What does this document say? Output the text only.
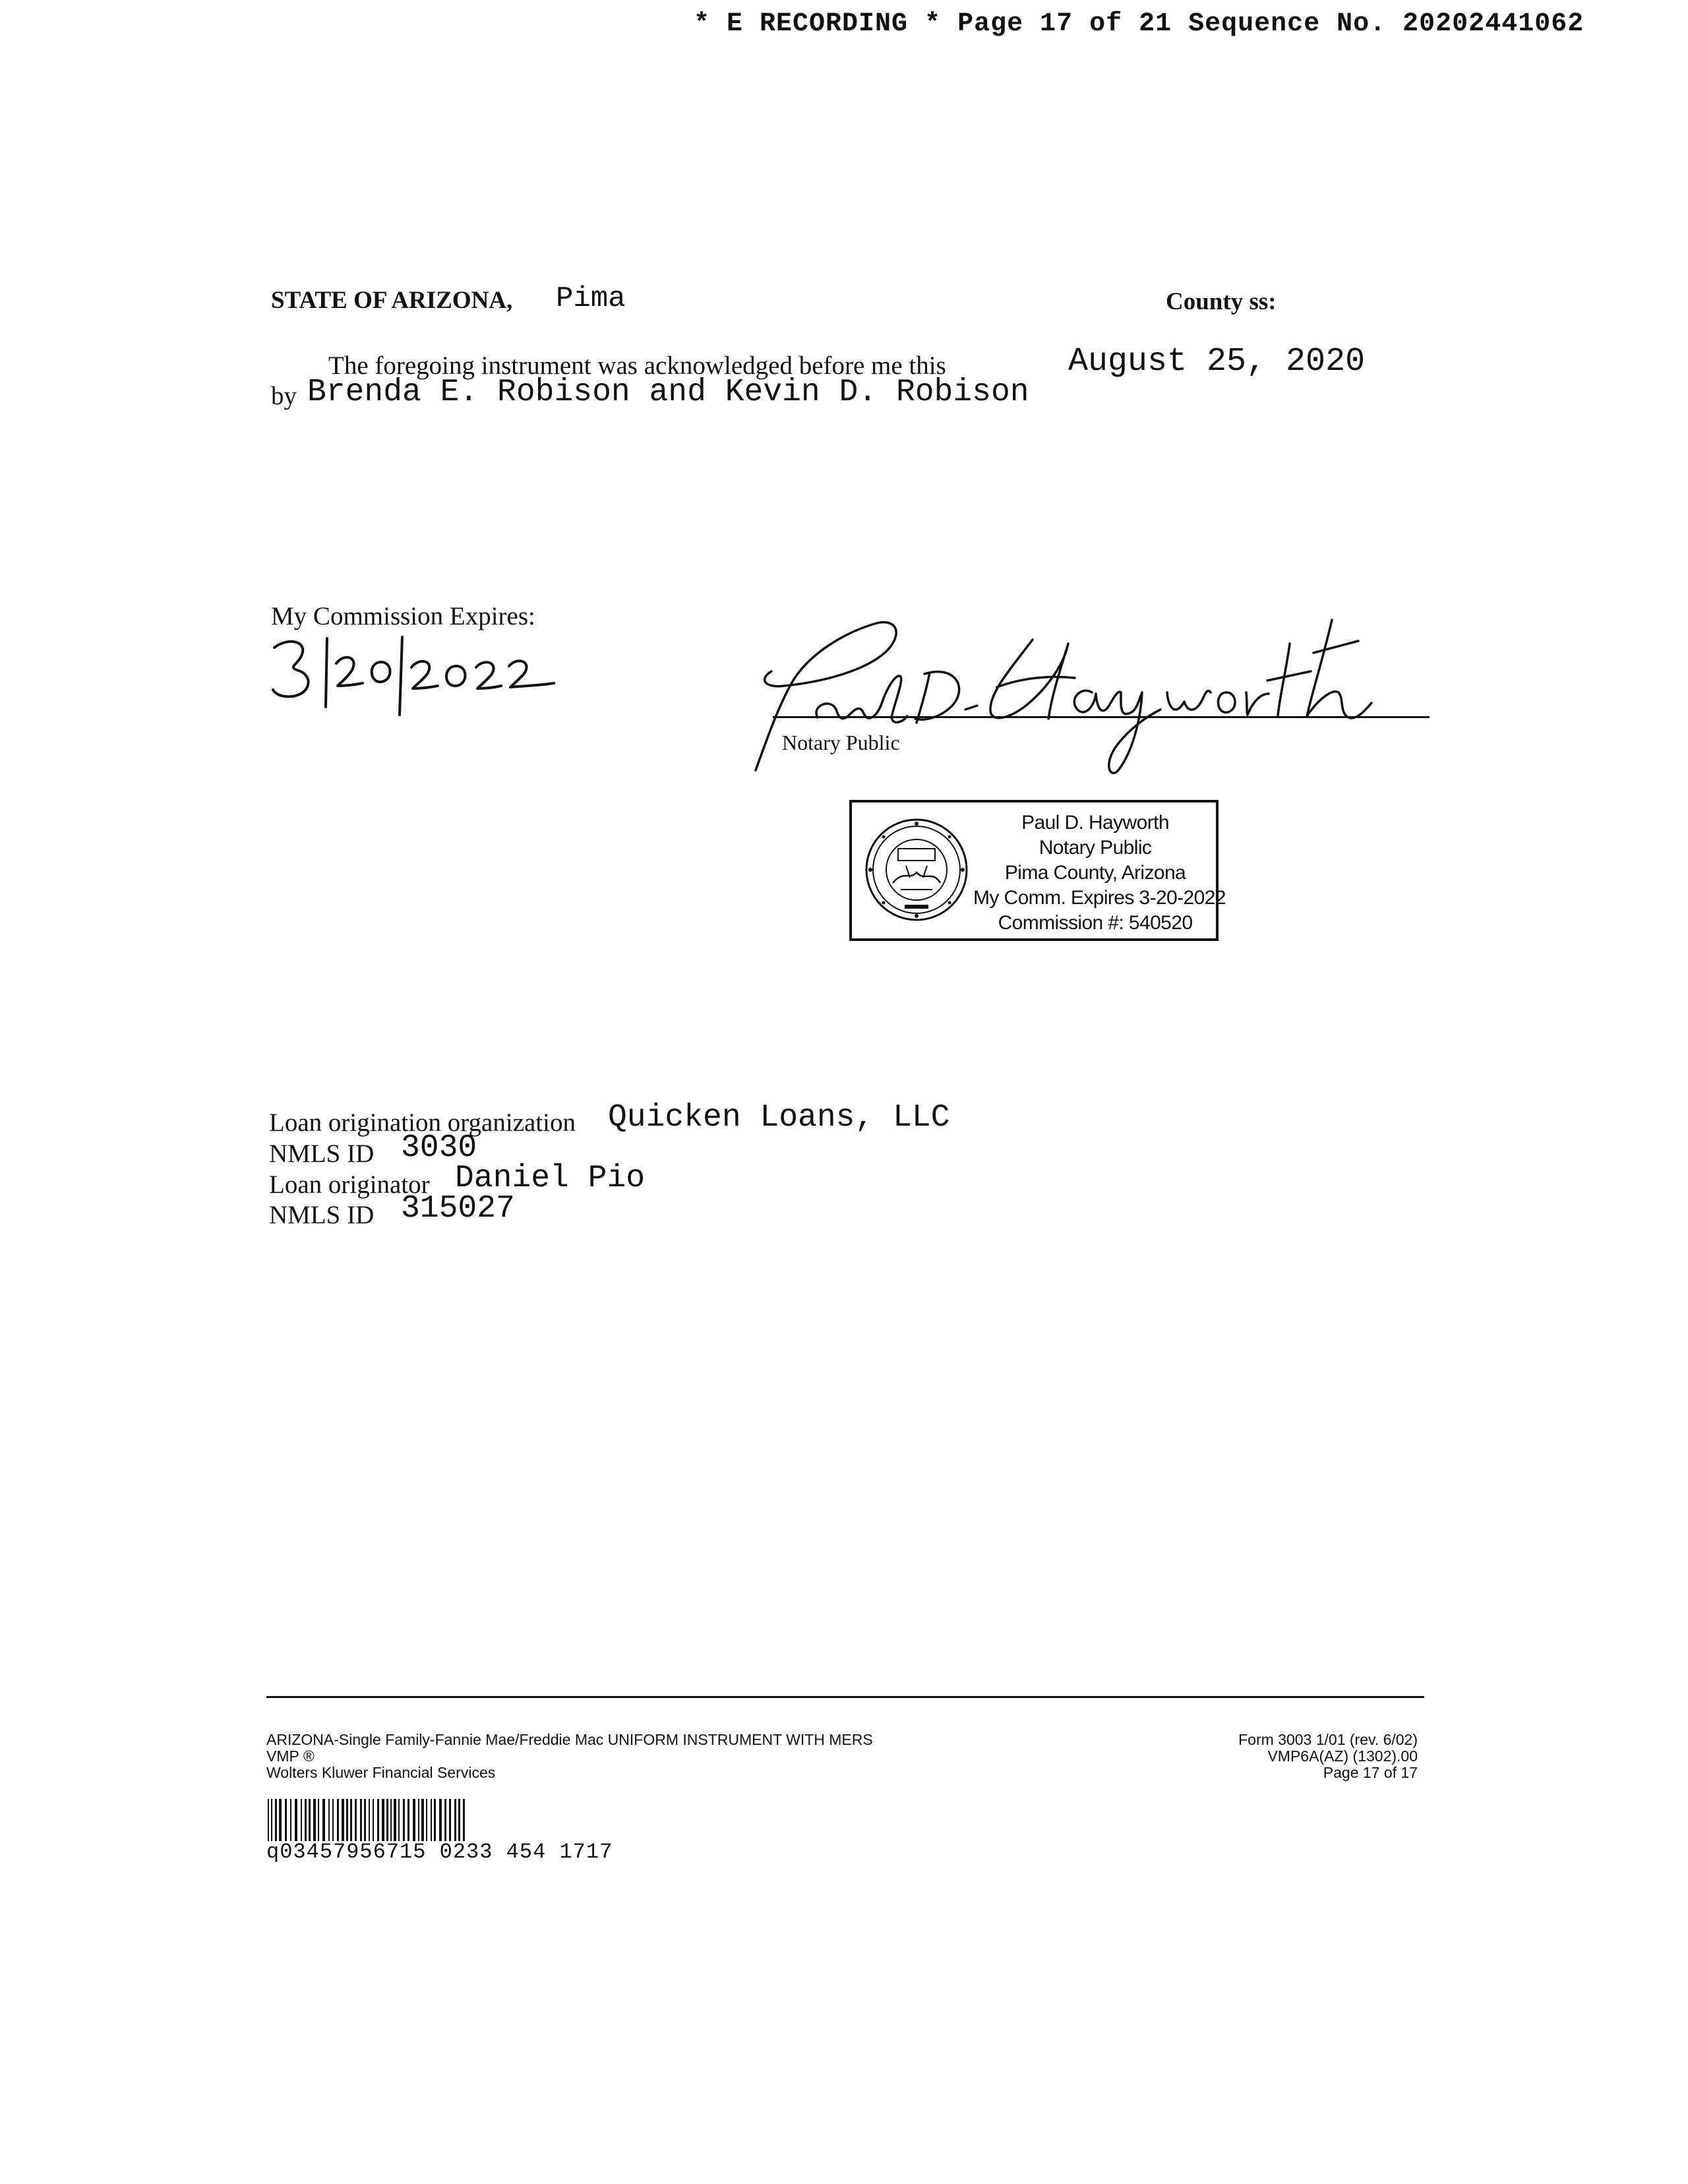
* E RECORDING * Page 17 of 21 Sequence No. 20202441062
STATE OF ARIZONA, Pima	County ss:
The foregoing instrument was acknowledged before me this	August 25, 2020
by Brenda E. Robison and Kevin D. Robison
My Commission Expires:
Notary Public
Paul D. Hayworth
Notary Public
Pima County, Arizona
My Comm. Expires 3-20-2022
Commission #: 540520
Loan origination organization Quicken Loans, LLC
NMLS ID 3030
Loan originator Daniel Pio
NMLS ID 315027
ARIZONA-Single Family-Fannie Mae/Freddie Mac UNIFORM INSTRUMENT WITH MERS
VMP ®
Wolters Kluwer Financial Services
Form 3003 1/01 (rev. 6/02)
VMP6A(AZ) (1302).00
Page 17 of 17
q03457956715 0233 454 1717
